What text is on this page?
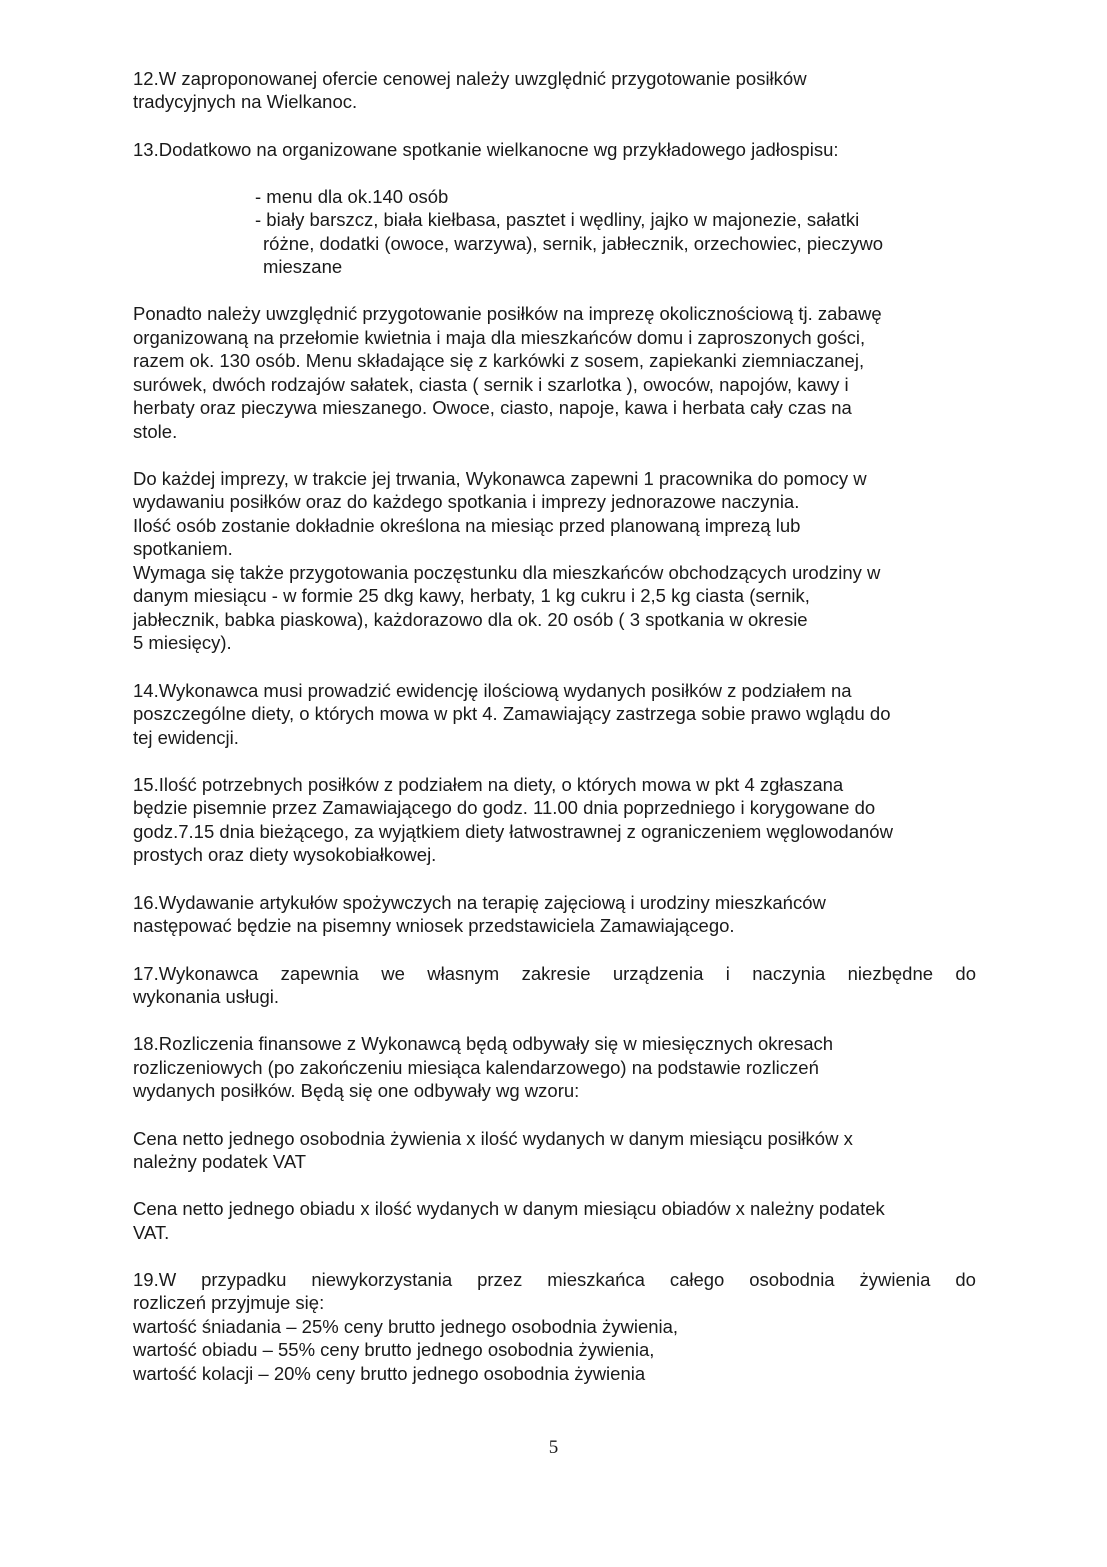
12.W zaproponowanej ofercie cenowej należy uwzględnić przygotowanie posiłków
tradycyjnych na Wielkanoc.
13.Dodatkowo na organizowane spotkanie wielkanocne wg przykładowego jadłospisu:
- menu dla ok.140 osób
- biały barszcz, biała kiełbasa, pasztet i wędliny, jajko w majonezie, sałatki
różne, dodatki (owoce, warzywa), sernik, jabłecznik, orzechowiec, pieczywo
mieszane
Ponadto należy uwzględnić przygotowanie posiłków na imprezę okolicznościową tj. zabawę
organizowaną na przełomie kwietnia i maja dla mieszkańców domu i zaproszonych gości,
razem ok. 130 osób. Menu składające się z karkówki z sosem, zapiekanki ziemniaczanej,
surówek, dwóch rodzajów sałatek, ciasta ( sernik i szarlotka ), owoców, napojów, kawy i
herbaty oraz pieczywa mieszanego. Owoce, ciasto, napoje, kawa i herbata cały czas na
stole.
Do każdej imprezy, w trakcie jej trwania, Wykonawca zapewni 1 pracownika do pomocy w
wydawaniu posiłków oraz do każdego spotkania i imprezy jednorazowe naczynia.
Ilość osób zostanie dokładnie określona na miesiąc przed planowaną imprezą lub
spotkaniem.
Wymaga się także przygotowania poczęstunku dla mieszkańców obchodzących urodziny w
danym miesiącu - w formie 25 dkg kawy, herbaty, 1 kg cukru i 2,5 kg ciasta (sernik,
jabłecznik, babka piaskowa), każdorazowo dla ok. 20 osób ( 3 spotkania w okresie
5 miesięcy).
14.Wykonawca musi prowadzić ewidencję ilościową wydanych posiłków z podziałem na
poszczególne diety, o których mowa w pkt 4. Zamawiający zastrzega sobie prawo wglądu do
tej ewidencji.
15.Ilość potrzebnych posiłków z podziałem na diety, o których mowa w pkt 4 zgłaszana
będzie pisemnie przez Zamawiającego do godz. 11.00 dnia poprzedniego i korygowane do
godz.7.15 dnia bieżącego, za wyjątkiem diety łatwostrawnej z ograniczeniem węglowodanów
prostych oraz diety wysokobiałkowej.
16.Wydawanie artykułów spożywczych na terapię zajęciową i urodziny mieszkańców
następować będzie na pisemny wniosek przedstawiciela Zamawiającego.
17.Wykonawca zapewnia we własnym zakresie urządzenia i naczynia niezbędne do
wykonania usługi.
18.Rozliczenia finansowe z Wykonawcą będą odbywały się w miesięcznych okresach
rozliczeniowych (po zakończeniu miesiąca kalendarzowego) na podstawie rozliczeń
wydanych posiłków. Będą się one odbywały wg wzoru:
Cena netto jednego osobodnia żywienia x ilość wydanych w danym miesiącu posiłków x
należny podatek VAT
Cena netto jednego obiadu x ilość wydanych w danym miesiącu obiadów x należny podatek
VAT.
19.W przypadku niewykorzystania przez mieszkańca całego osobodnia żywienia do
rozliczeń przyjmuje się:
wartość śniadania – 25% ceny brutto jednego osobodnia żywienia,
wartość obiadu – 55% ceny brutto jednego osobodnia żywienia,
wartość kolacji – 20% ceny brutto jednego osobodnia żywienia
5
